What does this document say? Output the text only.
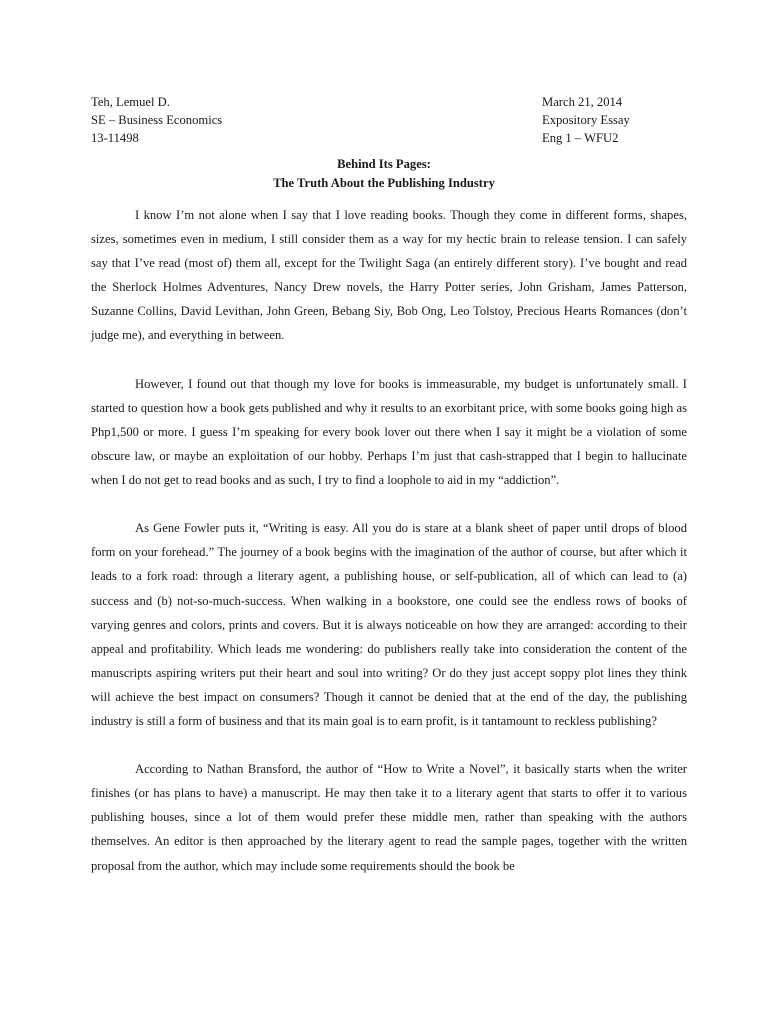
Teh, Lemuel D.
SE – Business Economics
13-11498
March 21, 2014
Expository Essay
Eng 1 – WFU2
Behind Its Pages:
The Truth About the Publishing Industry

I know I’m not alone when I say that I love reading books. Though they come in different forms, shapes, sizes, sometimes even in medium, I still consider them as a way for my hectic brain to release tension. I can safely say that I’ve read (most of) them all, except for the Twilight Saga (an entirely different story). I’ve bought and read the Sherlock Holmes Adventures, Nancy Drew novels, the Harry Potter series, John Grisham, James Patterson, Suzanne Collins, David Levithan, John Green, Bebang Siy, Bob Ong, Leo Tolstoy, Precious Hearts Romances (don’t judge me), and everything in between.

However, I found out that though my love for books is immeasurable, my budget is unfortunately small. I started to question how a book gets published and why it results to an exorbitant price, with some books going high as Php1,500 or more. I guess I’m speaking for every book lover out there when I say it might be a violation of some obscure law, or maybe an exploitation of our hobby. Perhaps I’m just that cash-strapped that I begin to hallucinate when I do not get to read books and as such, I try to find a loophole to aid in my “addiction”.

As Gene Fowler puts it, “Writing is easy. All you do is stare at a blank sheet of paper until drops of blood form on your forehead.” The journey of a book begins with the imagination of the author of course, but after which it leads to a fork road: through a literary agent, a publishing house, or self-publication, all of which can lead to (a) success and (b) not-so-much-success. When walking in a bookstore, one could see the endless rows of books of varying genres and colors, prints and covers. But it is always noticeable on how they are arranged: according to their appeal and profitability. Which leads me wondering: do publishers really take into consideration the content of the manuscripts aspiring writers put their heart and soul into writing? Or do they just accept soppy plot lines they think will achieve the best impact on consumers? Though it cannot be denied that at the end of the day, the publishing industry is still a form of business and that its main goal is to earn profit, is it tantamount to reckless publishing?

According to Nathan Bransford, the author of “How to Write a Novel”, it basically starts when the writer finishes (or has plans to have) a manuscript. He may then take it to a literary agent that starts to offer it to various publishing houses, since a lot of them would prefer these middle men, rather than speaking with the authors themselves. An editor is then approached by the literary agent to read the sample pages, together with the written proposal from the author, which may include some requirements should the book be
